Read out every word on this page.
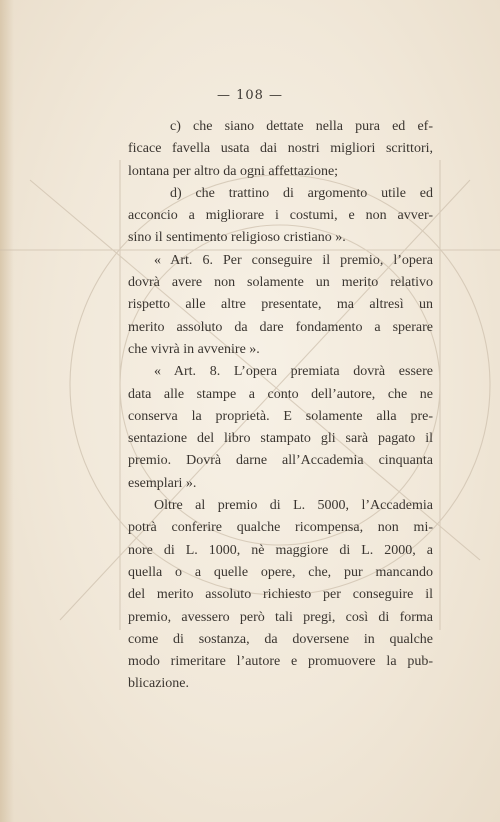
— 108 —
c) che siano dettate nella pura ed ef-
ficace favella usata dai nostri migliori scrittori,
lontana per altro da ogni affettazione;
d) che trattino di argomento utile ed
acconcio a migliorare i costumi, e non avver-
sino il sentimento religioso cristiano ».
« Art. 6. Per conseguire il premio, l’opera
dovrà avere non solamente un merito relativo
rispetto alle altre presentate, ma altresì un
merito assoluto da dare fondamento a sperare
che vivrà in avvenire ».
« Art. 8. L’opera premiata dovrà essere
data alle stampe a conto dell’autore, che ne
conserva la proprietà. E solamente alla pre-
sentazione del libro stampato gli sarà pagato il
premio. Dovrà darne all’Accademia cinquanta
esemplari ».
Oltre al premio di L. 5000, l’Accademia
potrà conferire qualche ricompensa, non mi-
nore di L. 1000, nè maggiore di L. 2000, a
quella o a quelle opere, che, pur mancando
del merito assoluto richiesto per conseguire il
premio, avessero però tali pregi, così di forma
come di sostanza, da doversene in qualche
modo rimeritare l’autore e promuovere la pub-
blicazione.
